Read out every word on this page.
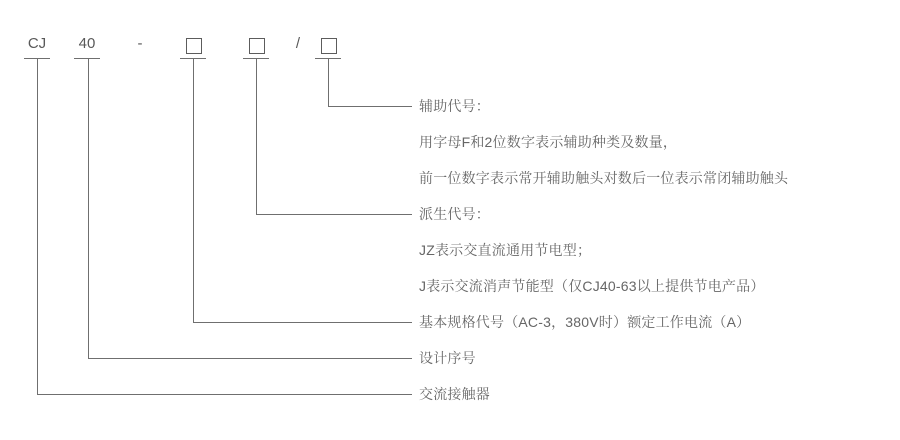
CJ	40	-	/
辅助代号：
用字母F和2位数字表示辅助种类及数量，
前一位数字表示常开辅助触头对数后一位表示常闭辅助触头
派生代号：
JZ表示交直流通用节电型；
J表示交流消声节能型（仅CJ40-63以上提供节电产品）
基本规格代号（AC-3，380V时）额定工作电流（A）
设计序号
交流接触器
